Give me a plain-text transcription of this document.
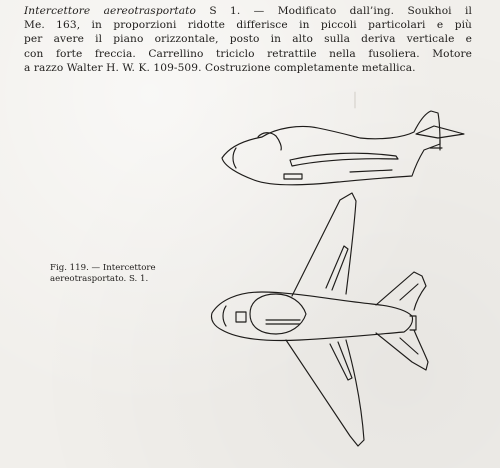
Intercettore aereotrasportato S 1. — Modificato dall’ing. Soukhoi il
Me. 163, in proporzioni ridotte differisce in piccoli particolari e più
per avere il piano orizzontale, posto in alto sulla deriva verticale e
con forte freccia. Carrellino triciclo retrattile nella fusoliera. Motore
a razzo Walter H. W. K. 109-509. Costruzione completamente metallica.
Fig. 119. — Intercettore
aereotrasportato. S. 1.
